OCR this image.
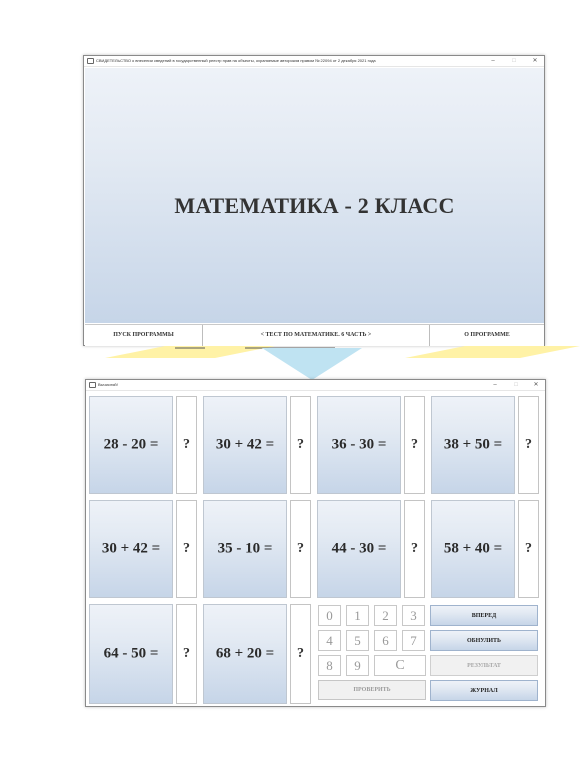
СВИДЕТЕЛЬСТВО о внесении сведений в государственный реестр прав на объекты, охраняемые авторским правом № 22094 от 2 декабря 2021 года	–	□	✕
МАТЕМАТИКА - 2 КЛАСС
ПУСК ПРОГРАММЫ	< ТЕСТ ПО МАТЕМАТИКЕ. 6 ЧАСТЬ >	О ПРОГРАММЕ
Вычисляй!	–	□	✕
28 - 20 =	?	30 + 42 =	?	36 - 30 =	?	38 + 50 =	?
30 + 42 =	?	35 - 10 =	?	44 - 30 =	?	58 + 40 =	?
64 - 50 =	?	68 + 20 =	?
0	1	2	3
4	5	6	7
8	9	C
ПРОВЕРИТЬ
ВПЕРЕД
ОБНУЛИТЬ
РЕЗУЛЬТАТ
ЖУРНАЛ
